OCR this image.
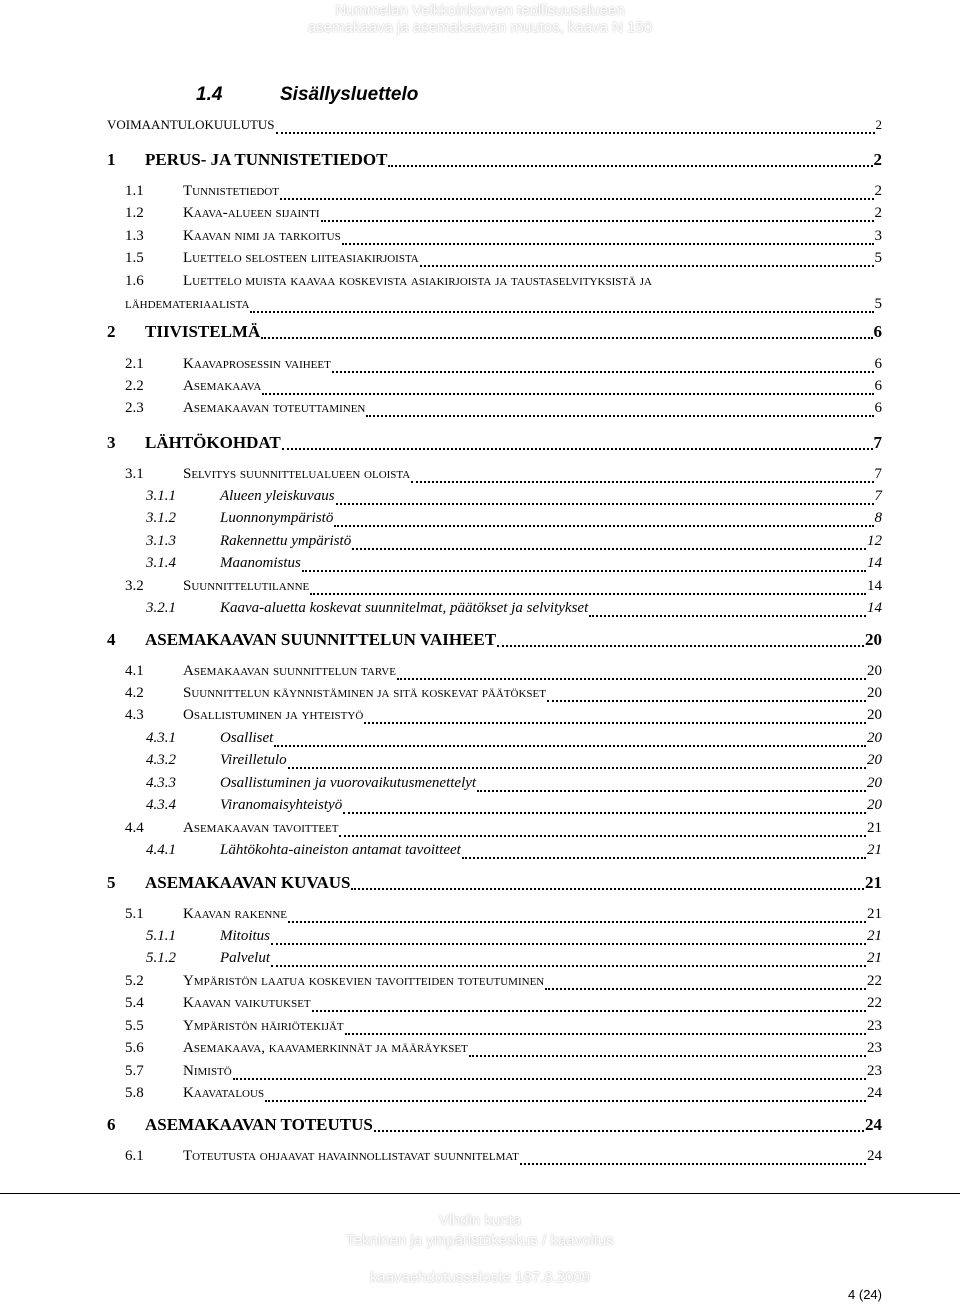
Nummelan Veikkoinkorven teollisuusalueen
asemakaava ja asemakaavan muutos, kaava N 150
1.4	Sisällysluettelo
VOIMAANTULOKUULUTUS	2
1	PERUS- JA TUNNISTETIEDOT	2
1.1	Tunnistetiedot	2
1.2	Kaava-alueen sijainti	2
1.3	Kaavan nimi ja tarkoitus	3
1.5	Luettelo selosteen liiteasiakirjoista	5
1.6	Luettelo muista kaavaa koskevista asiakirjoista ja taustaselvityksistä ja
lähdemateriaalista	5
2	TIIVISTELMÄ	6
2.1	Kaavaprosessin vaiheet	6
2.2	Asemakaava	6
2.3	Asemakaavan toteuttaminen	6
3	LÄHTÖKOHDAT	7
3.1	Selvitys suunnittelualueen oloista	7
3.1.1	Alueen yleiskuvaus	7
3.1.2	Luonnonympäristö	8
3.1.3	Rakennettu ympäristö	12
3.1.4	Maanomistus	14
3.2	Suunnittelutilanne	14
3.2.1	Kaava-aluetta koskevat suunnitelmat, päätökset ja selvitykset	14
4	ASEMAKAAVAN SUUNNITTELUN VAIHEET	20
4.1	Asemakaavan suunnittelun tarve	20
4.2	Suunnittelun käynnistäminen ja sitä koskevat päätökset	20
4.3	Osallistuminen ja yhteistyö	20
4.3.1	Osalliset	20
4.3.2	Vireilletulo	20
4.3.3	Osallistuminen ja vuorovaikutusmenettelyt	20
4.3.4	Viranomaisyhteistyö	20
4.4	Asemakaavan tavoitteet	21
4.4.1	Lähtökohta-aineiston antamat tavoitteet	21
5	ASEMAKAAVAN KUVAUS	21
5.1	Kaavan rakenne	21
5.1.1	Mitoitus	21
5.1.2	Palvelut	21
5.2	Ympäristön laatua koskevien tavoitteiden toteutuminen	22
5.4	Kaavan vaikutukset	22
5.5	Ympäristön häiriötekijät	23
5.6	Asemakaava, kaavamerkinnät ja määräykset	23
5.7	Nimistö	23
5.8	Kaavatalous	24
6	ASEMAKAAVAN TOTEUTUS	24
6.1	Toteutusta ohjaavat havainnollistavat suunnitelmat	24
Vihdin kunta
Tekninen ja ympäristökeskus / kaavoitus
kaavaehdotusseloste 187.8.2009
4 (24)
